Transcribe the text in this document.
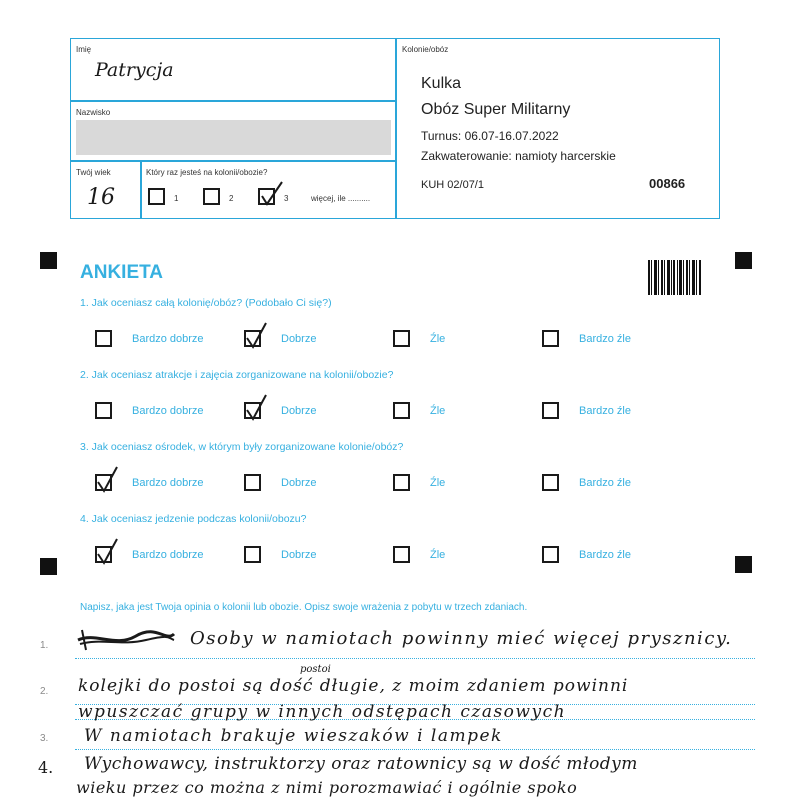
Imię
Patrycja
Nazwisko
Twój wiek
16
Który raz jesteś na kolonii/obozie?
1	2	3	więcej, ile ..........
Kolonie/obóz
Kulka
Obóz Super Militarny
Turnus: 06.07-16.07.2022
Zakwaterowanie: namioty harcerskie
KUH 02/07/1	00866
ANKIETA
1. Jak oceniasz całą kolonię/obóz? (Podobało Ci się?)
2. Jak oceniasz atrakcje i zajęcia zorganizowane na kolonii/obozie?
3. Jak oceniasz ośrodek, w którym były zorganizowane kolonie/obóz?
4. Jak oceniasz jedzenie podczas kolonii/obozu?
Bardzo dobrze	Dobrze	Źle	Bardzo źle
Bardzo dobrze	Dobrze	Źle	Bardzo źle
Bardzo dobrze	Dobrze	Źle	Bardzo źle
Bardzo dobrze	Dobrze	Źle	Bardzo źle
Napisz, jaka jest Twoja opinia o kolonii lub obozie. Opisz swoje wrażenia z pobytu w trzech zdaniach.
1.
2.
3.
4.
Osoby w namiotach powinny mieć więcej prysznicy.
postoi
kolejki do postoi są dość długie, z moim zdaniem powinni
wpuszczać grupy w innych odstępach czasowych
W namiotach brakuje wieszaków i lampek
Wychowawcy, instruktorzy oraz ratownicy są w dość młodym
wieku przez co można z nimi porozmawiać i ogólnie spoko
